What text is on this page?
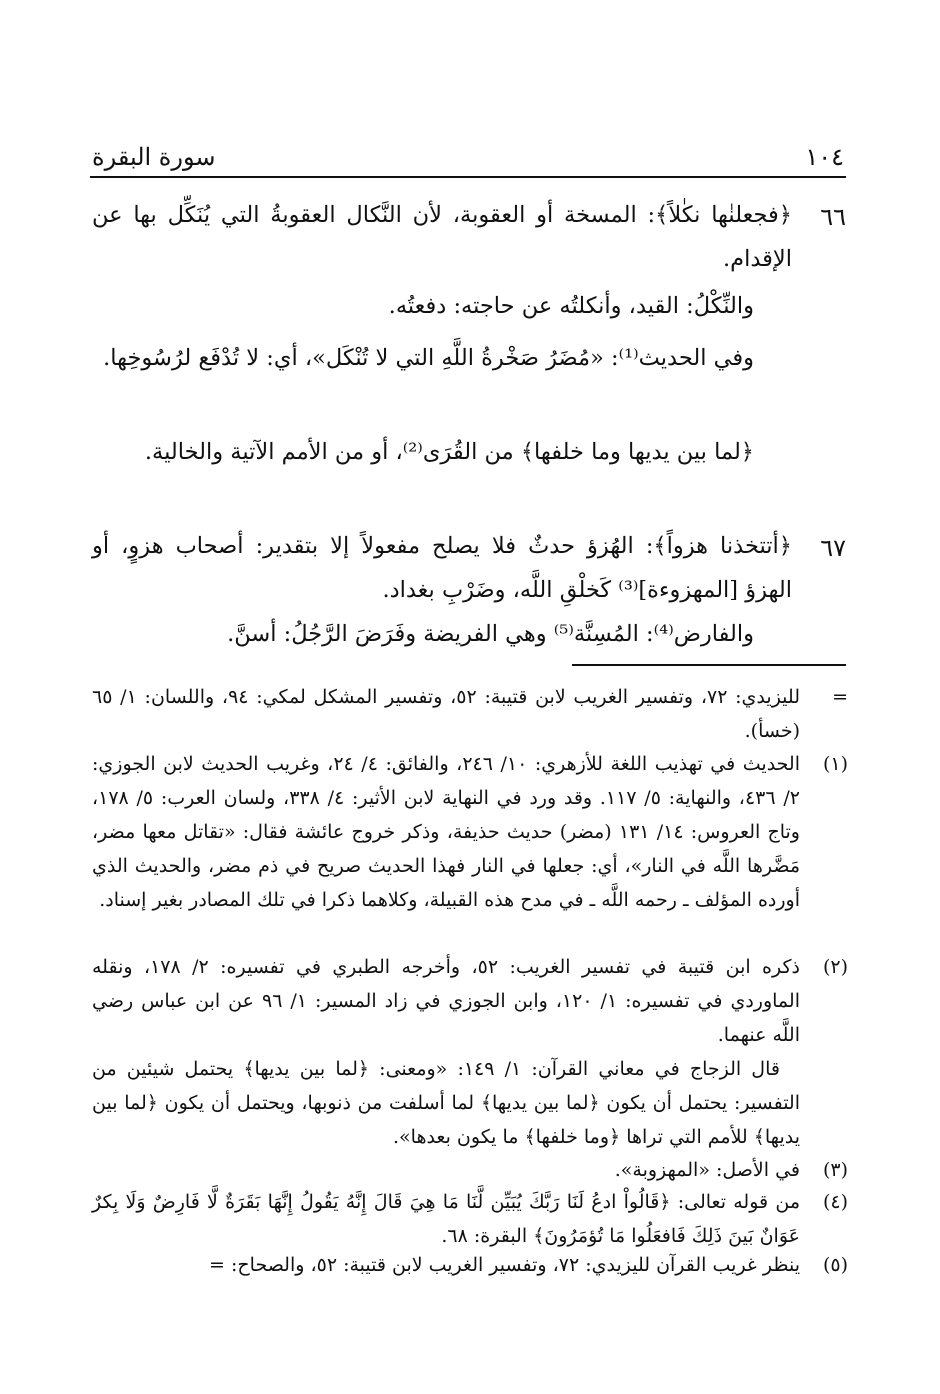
١٠٤
سورة البقرة
٦٦

﴿فجعلنٰها نكٰلاً﴾: المسخة أو العقوبة، لأن النَّكال العقوبةُ التي يُنَكِّل بها عن الإقدام.

والنِّكْلُ: القيد، وأنكلتُه عن حاجته: دفعتُه.

وفي الحديث⁽¹⁾: «مُضَرُ صَخْرةُ اللَّهِ التي لا تُنْكَل»، أي: لا تُدْفَع لرُسُوخِها.

﴿لما بين يديها وما خلفها﴾ من القُرَى⁽²⁾، أو من الأمم الآتية والخالية.

٦٧

﴿أتتخذنا هزواً﴾: الهُزؤ حدثٌ فلا يصلح مفعولاً إلا بتقدير: أصحاب هزوٍ، أو الهزؤ [المهزوءة]⁽³⁾ كَخلْقِ اللَّه، وضَرْبِ بغداد.

والفارض⁽⁴⁾: المُسِنَّة⁽⁵⁾ وهي الفريضة وفَرَضَ الرَّجُلُ: أسنَّ.

=

لليزيدي: ٧٢، وتفسير الغريب لابن قتيبة: ٥٢، وتفسير المشكل لمكي: ٩٤، واللسان: ١/ ٦٥ (خسأ).

(١)

الحديث في تهذيب اللغة للأزهري: ١٠/ ٢٤٦، والفائق: ٤/ ٢٤، وغريب الحديث لابن الجوزي: ٢/ ٤٣٦، والنهاية: ٥/ ١١٧. وقد ورد في النهاية لابن الأثير: ٤/ ٣٣٨، ولسان العرب: ٥/ ١٧٨، وتاج العروس: ١٤/ ١٣١ (مضر) حديث حذيفة، وذكر خروج عائشة فقال: «تقاتل معها مضر، مَضَّرها اللَّه في النار»، أي: جعلها في النار فهذا الحديث صريح في ذم مضر، والحديث الذي أورده المؤلف ـ رحمه اللَّه ـ في مدح هذه القبيلة، وكلاهما ذكرا في تلك المصادر بغير إسناد.

(٢)

ذكره ابن قتيبة في تفسير الغريب: ٥٢، وأخرجه الطبري في تفسيره: ٢/ ١٧٨، ونقله الماوردي في تفسيره: ١/ ١٢٠، وابن الجوزي في زاد المسير: ١/ ٩٦ عن ابن عباس رضي اللَّه عنهما.

قال الزجاج في معاني القرآن: ١/ ١٤٩: «ومعنى: ﴿لما بين يديها﴾ يحتمل شيئين من التفسير: يحتمل أن يكون ﴿لما بين يديها﴾ لما أسلفت من ذنوبها، ويحتمل أن يكون ﴿لما بين يديها﴾ للأمم التي تراها ﴿وما خلفها﴾ ما يكون بعدها».

(٣)

في الأصل: «المهزوبة».

(٤)

من قوله تعالى: ﴿قَالُواْ ادعُ لَنَا رَبَّكَ يُبَيِّن لَّنَا مَا هِيَ قَالَ إِنَّهُ يَقُولُ إِنَّهَا بَقَرَةٌ لَّا فَارِضٌ وَلَا بِكرٌ عَوَانٌ بَينَ ذَلِكَ فَافعَلُوا مَا تُؤمَرُونَ﴾ البقرة: ٦٨.

(٥)

ينظر غريب القرآن لليزيدي: ٧٢، وتفسير الغريب لابن قتيبة: ٥٢، والصحاح: =
